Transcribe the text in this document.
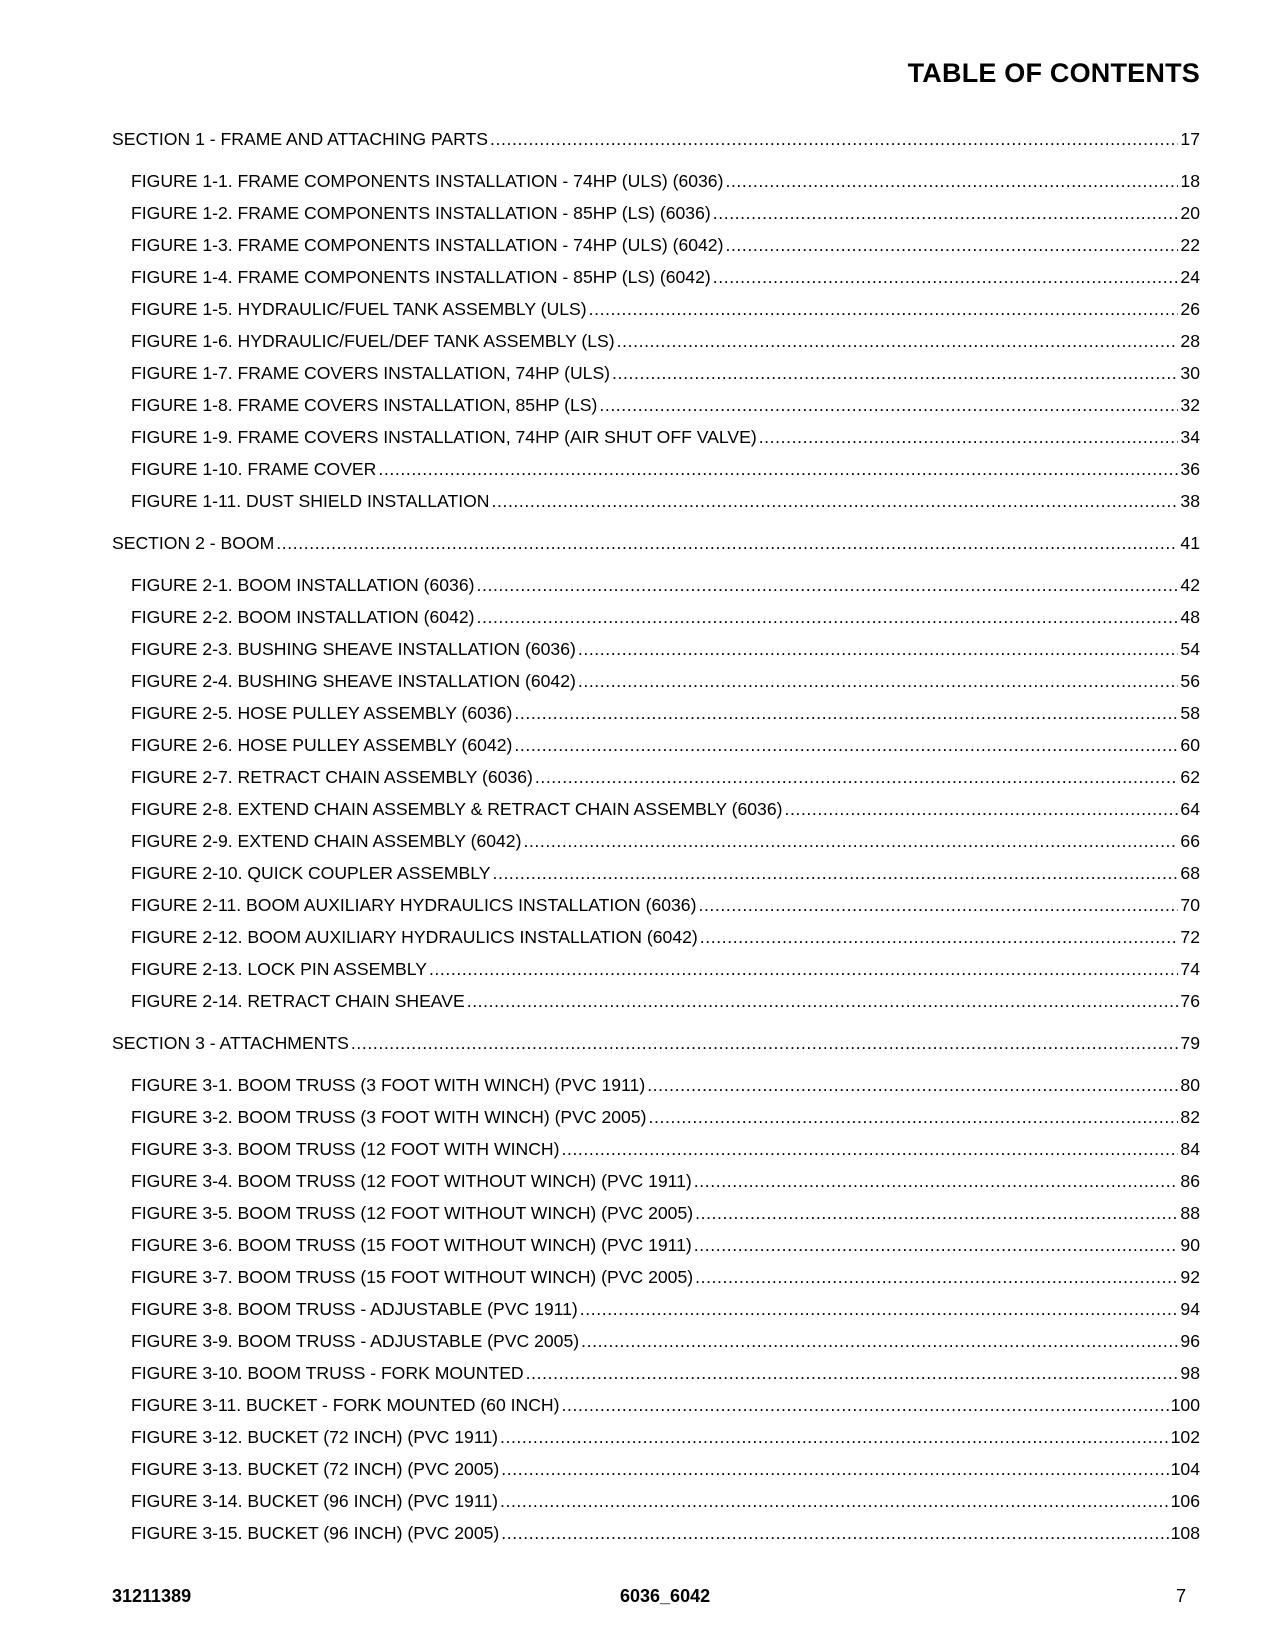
TABLE OF CONTENTS
SECTION 1 - FRAME AND ATTACHING PARTS .....	17
FIGURE 1-1. FRAME COMPONENTS INSTALLATION - 74HP (ULS) (6036) .....	18
FIGURE 1-2. FRAME COMPONENTS INSTALLATION - 85HP (LS) (6036) .....	20
FIGURE 1-3. FRAME COMPONENTS INSTALLATION - 74HP (ULS) (6042) .....	22
FIGURE 1-4. FRAME COMPONENTS INSTALLATION - 85HP (LS) (6042) .....	24
FIGURE 1-5. HYDRAULIC/FUEL TANK ASSEMBLY (ULS) .....	26
FIGURE 1-6. HYDRAULIC/FUEL/DEF TANK ASSEMBLY (LS) .....	28
FIGURE 1-7. FRAME COVERS INSTALLATION, 74HP (ULS) .....	30
FIGURE 1-8. FRAME COVERS INSTALLATION, 85HP (LS) .....	32
FIGURE 1-9. FRAME COVERS INSTALLATION, 74HP (AIR SHUT OFF VALVE) .....	34
FIGURE 1-10. FRAME COVER .....	36
FIGURE 1-11. DUST SHIELD INSTALLATION .....	38
SECTION 2 - BOOM .....	41
FIGURE 2-1. BOOM INSTALLATION (6036) .....	42
FIGURE 2-2. BOOM INSTALLATION (6042) .....	48
FIGURE 2-3. BUSHING SHEAVE INSTALLATION (6036) .....	54
FIGURE 2-4. BUSHING SHEAVE INSTALLATION (6042) .....	56
FIGURE 2-5. HOSE PULLEY ASSEMBLY (6036) .....	58
FIGURE 2-6. HOSE PULLEY ASSEMBLY (6042) .....	60
FIGURE 2-7. RETRACT CHAIN ASSEMBLY (6036) .....	62
FIGURE 2-8. EXTEND CHAIN ASSEMBLY & RETRACT CHAIN ASSEMBLY (6036) .....	64
FIGURE 2-9. EXTEND CHAIN ASSEMBLY (6042) .....	66
FIGURE 2-10. QUICK COUPLER ASSEMBLY .....	68
FIGURE 2-11. BOOM AUXILIARY HYDRAULICS INSTALLATION (6036) .....	70
FIGURE 2-12. BOOM AUXILIARY HYDRAULICS INSTALLATION (6042) .....	72
FIGURE 2-13. LOCK PIN ASSEMBLY .....	74
FIGURE 2-14. RETRACT CHAIN SHEAVE .....	76
SECTION 3 - ATTACHMENTS .....	79
FIGURE 3-1. BOOM TRUSS (3 FOOT WITH WINCH) (PVC 1911) .....	80
FIGURE 3-2. BOOM TRUSS (3 FOOT WITH WINCH) (PVC 2005) .....	82
FIGURE 3-3. BOOM TRUSS (12 FOOT WITH WINCH) .....	84
FIGURE 3-4. BOOM TRUSS (12 FOOT WITHOUT WINCH) (PVC 1911) .....	86
FIGURE 3-5. BOOM TRUSS (12 FOOT WITHOUT WINCH) (PVC 2005) .....	88
FIGURE 3-6. BOOM TRUSS (15 FOOT WITHOUT WINCH) (PVC 1911) .....	90
FIGURE 3-7. BOOM TRUSS (15 FOOT WITHOUT WINCH) (PVC 2005) .....	92
FIGURE 3-8. BOOM TRUSS - ADJUSTABLE (PVC 1911) .....	94
FIGURE 3-9. BOOM TRUSS - ADJUSTABLE (PVC 2005) .....	96
FIGURE 3-10. BOOM TRUSS - FORK MOUNTED .....	98
FIGURE 3-11. BUCKET - FORK MOUNTED (60 INCH) .....	100
FIGURE 3-12. BUCKET (72 INCH) (PVC 1911) .....	102
FIGURE 3-13. BUCKET (72 INCH) (PVC 2005) .....	104
FIGURE 3-14. BUCKET (96 INCH) (PVC 1911) .....	106
FIGURE 3-15. BUCKET (96 INCH) (PVC 2005) .....	108
31211389	6036_6042	7
